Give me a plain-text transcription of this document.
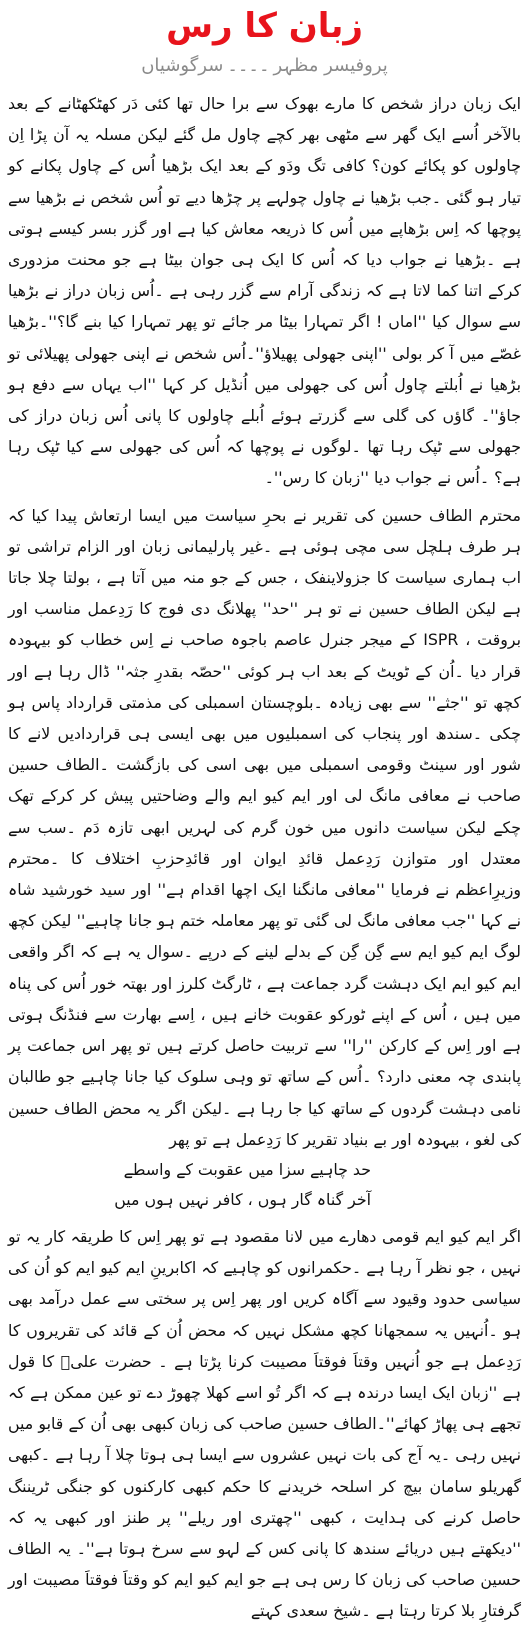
زبان کا رس
پروفیسر مظہر۔۔۔۔سرگوشیاں

ایک زبان دراز شخص کا مارے بھوک سے برا حال تھا کئی دَر کھٹکھٹانے کے بعد بالآخر اُسے ایک گھر سے مٹھی بھر کچے چاول مل گئے لیکن مسلہ یہ آن پڑا اِن چاولوں کو پکائے کون؟ کافی تگ ودَو کے بعد ایک بڑھیا اُس کے چاول پکانے کو تیار ہو گئی ۔جب بڑھیا نے چاول چولہے پر چڑھا دیے تو اُس شخص نے بڑھیا سے پوچھا کہ اِس بڑھاپے میں اُس کا ذریعہ معاش کیا ہے اور گزر بسر کیسے ہوتی ہے ۔بڑھیا نے جواب دیا کہ اُس کا ایک ہی جوان بیٹا ہے جو محنت مزدوری کرکے اتنا کما لاتا ہے کہ زندگی آرام سے گزر رہی ہے ۔اُس زبان دراز نے بڑھیا سے سوال کیا ''اماں ! اگر تمہارا بیٹا مر جائے تو پھر تمہارا کیا بنے گا؟''۔بڑھیا غصّے میں آ کر بولی ''اپنی جھولی پھیلاؤ''۔اُس شخص نے اپنی جھولی پھیلائی تو بڑھیا نے اُبلتے چاول اُس کی جھولی میں اُنڈیل کر کہا ''اب یہاں سے دفع ہو جاؤ''۔ گاؤں کی گلی سے گزرتے ہوئے اُبلے چاولوں کا پانی اُس زبان دراز کی جھولی سے ٹپک رہا تھا ۔لوگوں نے پوچھا کہ اُس کی جھولی سے کیا ٹپک رہا ہے؟ ۔اُس نے جواب دیا ''زبان کا رس''۔

محترم الطاف حسین کی تقریر نے بحرِ سیاست میں ایسا ارتعاش پیدا کیا کہ ہر طرف ہلچل سی مچی ہوئی ہے ۔غیر پارلیمانی زبان اور الزام تراشی تو اب ہماری سیاست کا جزولاینفک ، جس کے جو منہ میں آتا ہے ، بولتا چلا جاتا ہے لیکن الطاف حسین نے تو ہر ''حد'' پھلانگ دی فوج کا رَدِعمل مناسب اور بروقت ، ISPR کے میجر جنرل عاصم باجوہ صاحب نے اِس خطاب کو بیہودہ قرار دیا ۔اُن کے ٹویٹ کے بعد اب ہر کوئی ''حصّہ بقدرِ جثہ'' ڈال رہا ہے اور کچھ تو ''جثے'' سے بھی زیادہ ۔بلوچستان اسمبلی کی مذمتی قرارداد پاس ہو چکی ۔سندھ اور پنجاب کی اسمبلیوں میں بھی ایسی ہی قراردادیں لانے کا شور اور سینٹ وقومی اسمبلی میں بھی اسی کی بازگشت ۔الطاف حسین صاحب نے معافی مانگ لی اور ایم کیو ایم والے وضاحتیں پیش کر کرکے تھک چکے لیکن سیاست دانوں میں خون گرم کی لہریں ابھی تازہ دَم ۔سب سے معتدل اور متوازن رَدِعمل قائدِ ایوان اور قائدِحزبِ اختلاف کا ۔محترم وزیرِاعظم نے فرمایا ''معافی مانگنا ایک اچھا اقدام ہے'' اور سید خورشید شاہ نے کہا ''جب معافی مانگ لی گئی تو پھر معاملہ ختم ہو جانا چاہیے'' لیکن کچھ لوگ ایم کیو ایم سے گِن گِن کے بدلے لینے کے درپے ۔سوال یہ ہے کہ اگر واقعی ایم کیو ایم ایک دہشت گرد جماعت ہے ، ٹارگٹ کلرز اور بھتہ خور اُس کی پناہ میں ہیں ، اُس کے اپنے ٹورکو عقوبت خانے ہیں ، اِسے بھارت سے فنڈنگ ہوتی ہے اور اِس کے کارکن ''را'' سے تربیت حاصل کرتے ہیں تو پھر اس جماعت پر پابندی چہ معنی دارد؟ ۔اُس کے ساتھ تو وہی سلوک کیا جانا چاہیے جو طالبان نامی دہشت گردوں کے ساتھ کیا جا رہا ہے ۔لیکن اگر یہ محض الطاف حسین کی لغو ، بیہودہ اور بے بنیاد تقریر کا رَدِعمل ہے تو پھر

حد چاہیے سزا میں عقوبت کے واسطے

آخر گناہ گار ہوں ، کافر نہیں ہوں میں

اگر ایم کیو ایم قومی دھارے میں لانا مقصود ہے تو پھر اِس کا طریقہ کار یہ تو نہیں ، جو نظر آ رہا ہے ۔حکمرانوں کو چاہیے کہ اکابرینِ ایم کیو ایم کو اُن کی سیاسی حدود وقیود سے آگاہ کریں اور پھر اِس پر سختی سے عمل درآمد بھی ہو ۔اُنہیں یہ سمجھانا کچھ مشکل نہیں کہ محض اُن کے قائد کی تقریروں کا رَدِعمل ہے جو اُنہیں وقتاََ فوقتاََ مصیبت کرنا پڑتا ہے ۔ حضرت علیؓ کا قول ہے ''زبان ایک ایسا درندہ ہے کہ اگر تُو اسے کھلا چھوڑ دے تو عین ممکن ہے کہ تجھے ہی پھاڑ کھائے''۔الطاف حسین صاحب کی زبان کبھی بھی اُن کے قابو میں نہیں رہی ۔یہ آج کی بات نہیں عشروں سے ایسا ہی ہوتا چلا آ رہا ہے ۔کبھی گھریلو سامان بیچ کر اسلحہ خریدنے کا حکم کبھی کارکنوں کو جنگی ٹریننگ حاصل کرنے کی ہدایت ، کبھی ''چھتری اور ریلے'' پر طنز اور کبھی یہ کہ ''دیکھتے ہیں دریائے سندھ کا پانی کس کے لہو سے سرخ ہوتا ہے''۔ یہ الطاف حسین صاحب کی زبان کا رس ہی ہے جو ایم کیو ایم کو وقتاََ فوقتاََ مصیبت اور گرفتارِ بلا کرتا رہتا ہے ۔شیخ سعدی کہتے
